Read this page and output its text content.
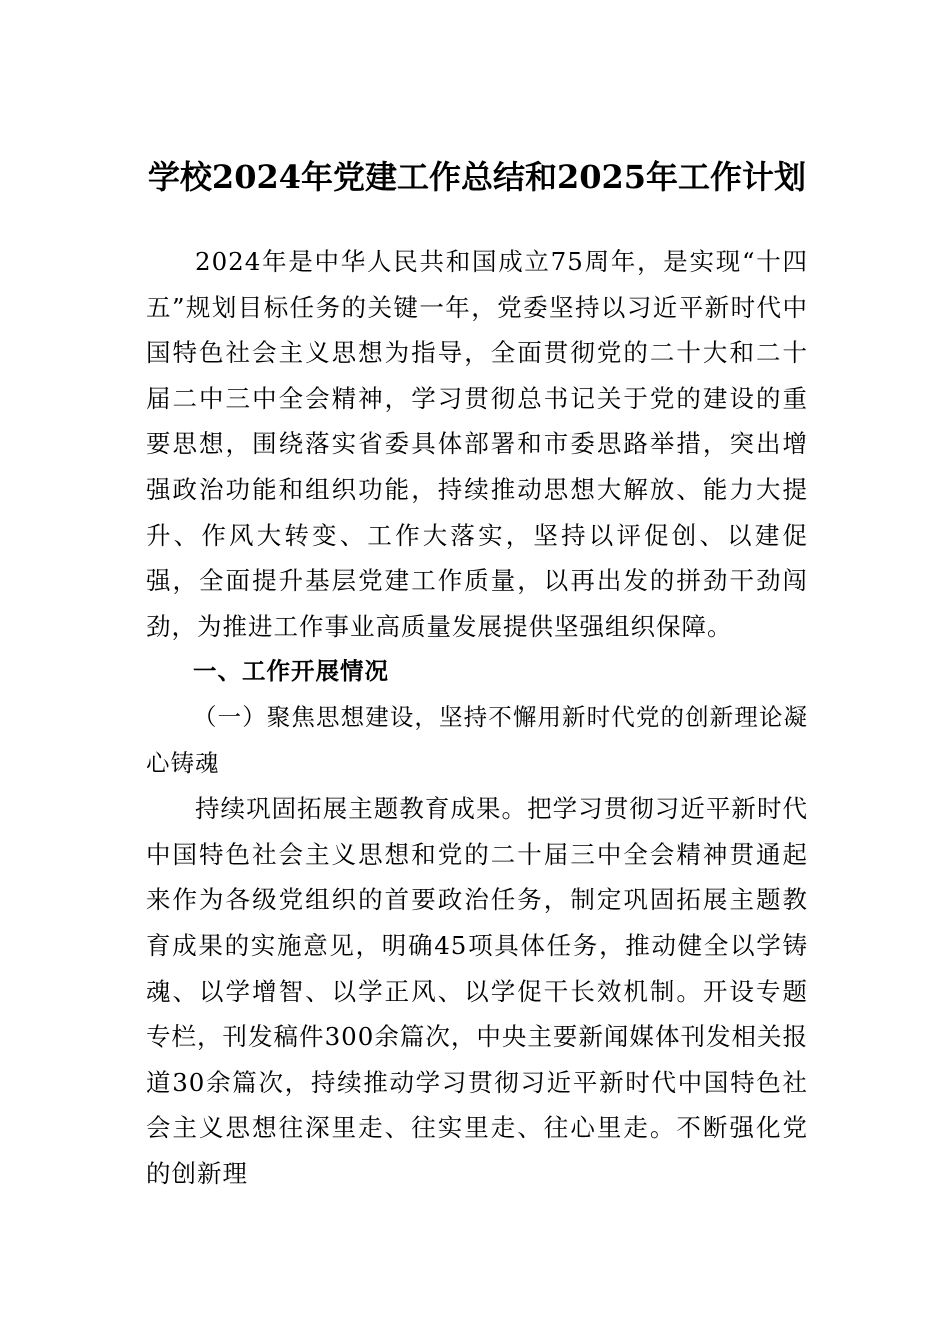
学校2024年党建工作总结和2025年工作计划

2024年是中华人民共和国成立75周年，是实现“十四五”规划目标任务的关键一年，党委坚持以习近平新时代中国特色社会主义思想为指导，全面贯彻党的二十大和二十届二中三中全会精神，学习贯彻总书记关于党的建设的重要思想，围绕落实省委具体部署和市委思路举措，突出增强政治功能和组织功能，持续推动思想大解放、能力大提升、作风大转变、工作大落实，坚持以评促创、以建促强，全面提升基层党建工作质量，以再出发的拼劲干劲闯劲，为推进工作事业高质量发展提供坚强组织保障。

一、工作开展情况

（一）聚焦思想建设，坚持不懈用新时代党的创新理论凝心铸魂

持续巩固拓展主题教育成果。把学习贯彻习近平新时代中国特色社会主义思想和党的二十届三中全会精神贯通起来作为各级党组织的首要政治任务，制定巩固拓展主题教育成果的实施意见，明确45项具体任务，推动健全以学铸魂、以学增智、以学正风、以学促干长效机制。开设专题专栏，刊发稿件300余篇次，中央主要新闻媒体刊发相关报道30余篇次，持续推动学习贯彻习近平新时代中国特色社会主义思想往深里走、往实里走、往心里走。不断强化党的创新理
